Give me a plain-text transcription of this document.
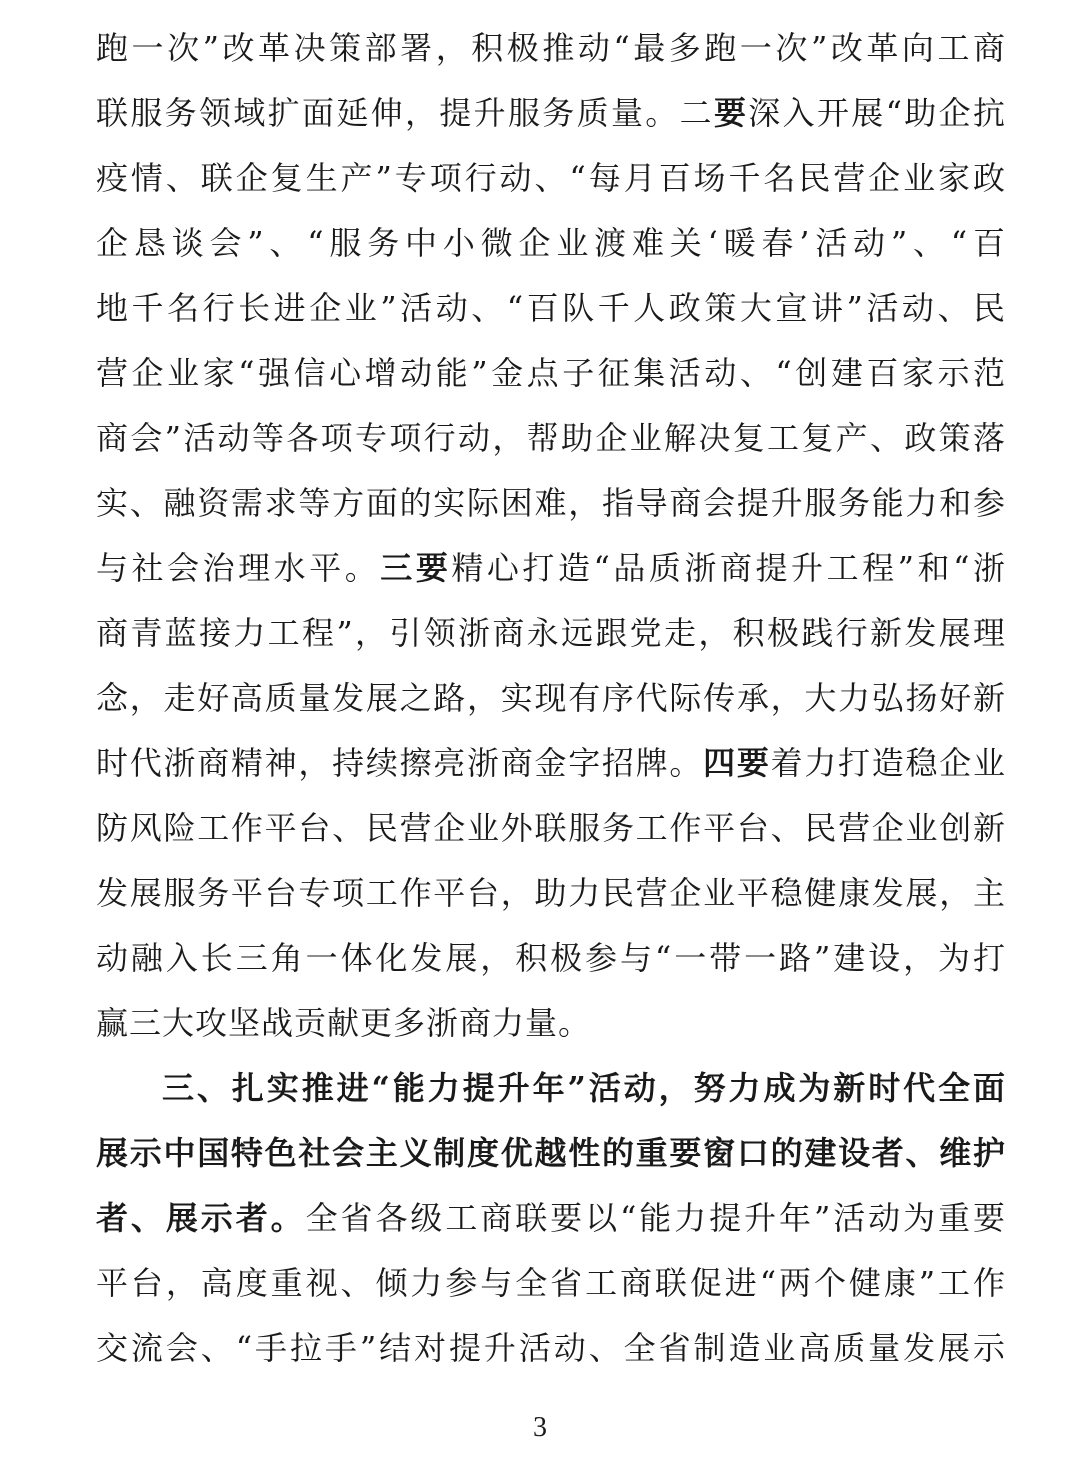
跑一次”改革决策部署，积极推动“最多跑一次”改革向工商
联服务领域扩面延伸，提升服务质量。二要深入开展“助企抗
疫情、联企复生产”专项行动、“每月百场千名民营企业家政
企恳谈会”、“服务中小微企业渡难关‘暖春’活动”、“百
地千名行长进企业”活动、“百队千人政策大宣讲”活动、民
营企业家“强信心增动能”金点子征集活动、“创建百家示范
商会”活动等各项专项行动，帮助企业解决复工复产、政策落
实、融资需求等方面的实际困难，指导商会提升服务能力和参
与社会治理水平。三要精心打造“品质浙商提升工程”和“浙
商青蓝接力工程”，引领浙商永远跟党走，积极践行新发展理
念，走好高质量发展之路，实现有序代际传承，大力弘扬好新
时代浙商精神，持续擦亮浙商金字招牌。四要着力打造稳企业
防风险工作平台、民营企业外联服务工作平台、民营企业创新
发展服务平台专项工作平台，助力民营企业平稳健康发展，主
动融入长三角一体化发展，积极参与“一带一路”建设，为打
赢三大攻坚战贡献更多浙商力量。
三、扎实推进“能力提升年”活动，努力成为新时代全面
展示中国特色社会主义制度优越性的重要窗口的建设者、维护
者、展示者。全省各级工商联要以“能力提升年”活动为重要
平台，高度重视、倾力参与全省工商联促进“两个健康”工作
交流会、“手拉手”结对提升活动、全省制造业高质量发展示
3
